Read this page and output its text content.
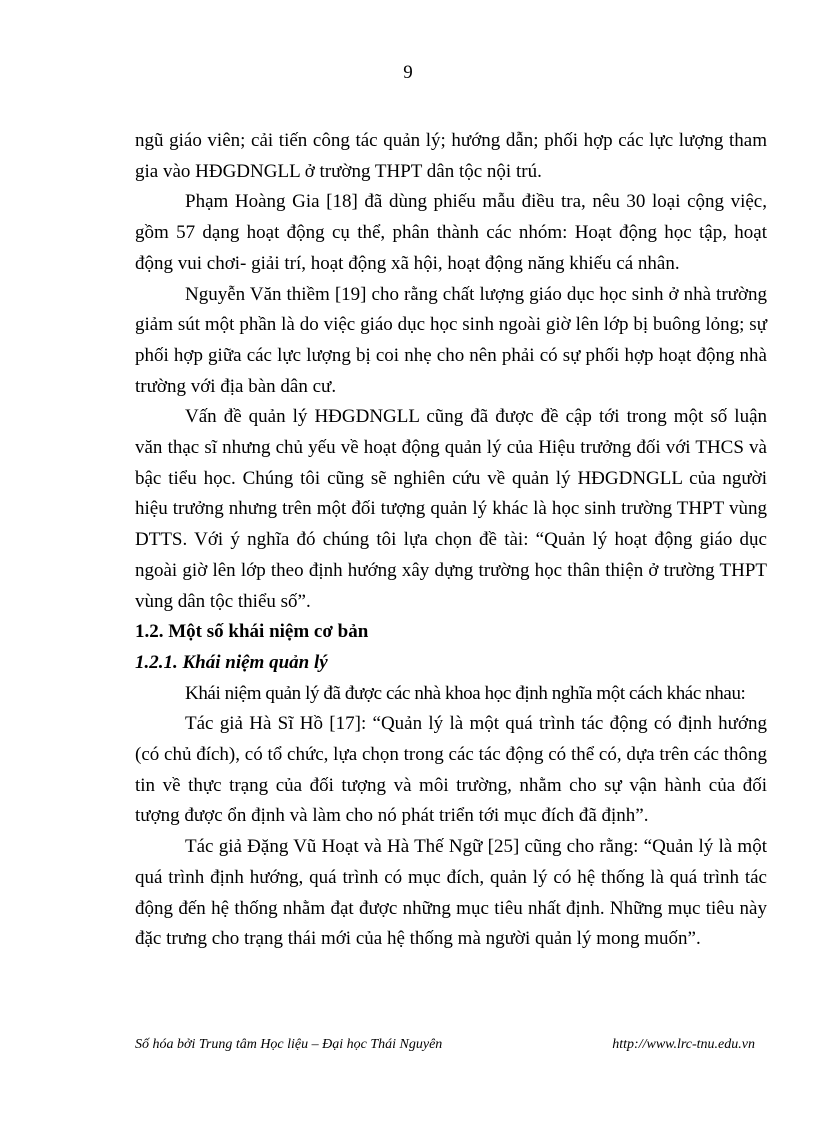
9

ngũ giáo viên; cải tiến công tác quản lý; hướng dẫn; phối hợp các lực lượng tham gia vào HĐGDNGLL ở trường THPT dân tộc nội trú.

Phạm Hoàng Gia [18] đã dùng phiếu mẫu điều tra, nêu 30 loại cộng việc, gồm 57 dạng hoạt động cụ thể, phân thành các nhóm: Hoạt động học tập, hoạt động vui chơi- giải trí, hoạt động xã hội, hoạt động năng khiếu cá nhân.

Nguyễn Văn thiềm [19] cho rằng chất lượng giáo dục học sinh ở nhà trường giảm sút một phần là do việc giáo dục học sinh ngoài giờ lên lớp bị buông lỏng; sự phối hợp giữa các lực lượng bị coi nhẹ cho nên phải có sự phối hợp hoạt động nhà trường với địa bàn dân cư.

Vấn đề quản lý HĐGDNGLL cũng đã được đề cập tới trong một số luận văn thạc sĩ nhưng chủ yếu về hoạt động quản lý của Hiệu trưởng đối với THCS và bậc tiểu học. Chúng tôi cũng sẽ nghiên cứu về quản lý HĐGDNGLL của người hiệu trưởng nhưng trên một đối tượng quản lý khác là học sinh trường THPT vùng DTTS. Với ý nghĩa đó chúng tôi lựa chọn đề tài: “Quản lý hoạt động giáo dục ngoài giờ lên lớp theo định hướng xây dựng trường học thân thiện ở trường THPT vùng dân tộc thiểu số”.

1.2. Một số khái niệm cơ bản

1.2.1. Khái niệm quản lý

Khái niệm quản lý đã được các nhà khoa học định nghĩa một cách khác nhau:

Tác giả Hà Sĩ Hồ [17]: “Quản lý là một quá trình tác động có định hướng (có chủ đích), có tổ chức, lựa chọn trong các tác động có thể có, dựa trên các thông tin về thực trạng của đối tượng và môi trường, nhằm cho sự vận hành của đối tượng được ổn định và làm cho nó phát triển tới mục đích đã định”.

Tác giả Đặng Vũ Hoạt và Hà Thế Ngữ [25] cũng cho rằng: “Quản lý là một quá trình định hướng, quá trình có mục đích, quản lý có hệ thống là quá trình tác động đến hệ thống nhằm đạt được những mục tiêu nhất định. Những mục tiêu này đặc trưng cho trạng thái mới của hệ thống mà người quản lý mong muốn”.

Số hóa bởi Trung tâm Học liệu – Đại học Thái Nguyên	http://www.lrc-tnu.edu.vn
